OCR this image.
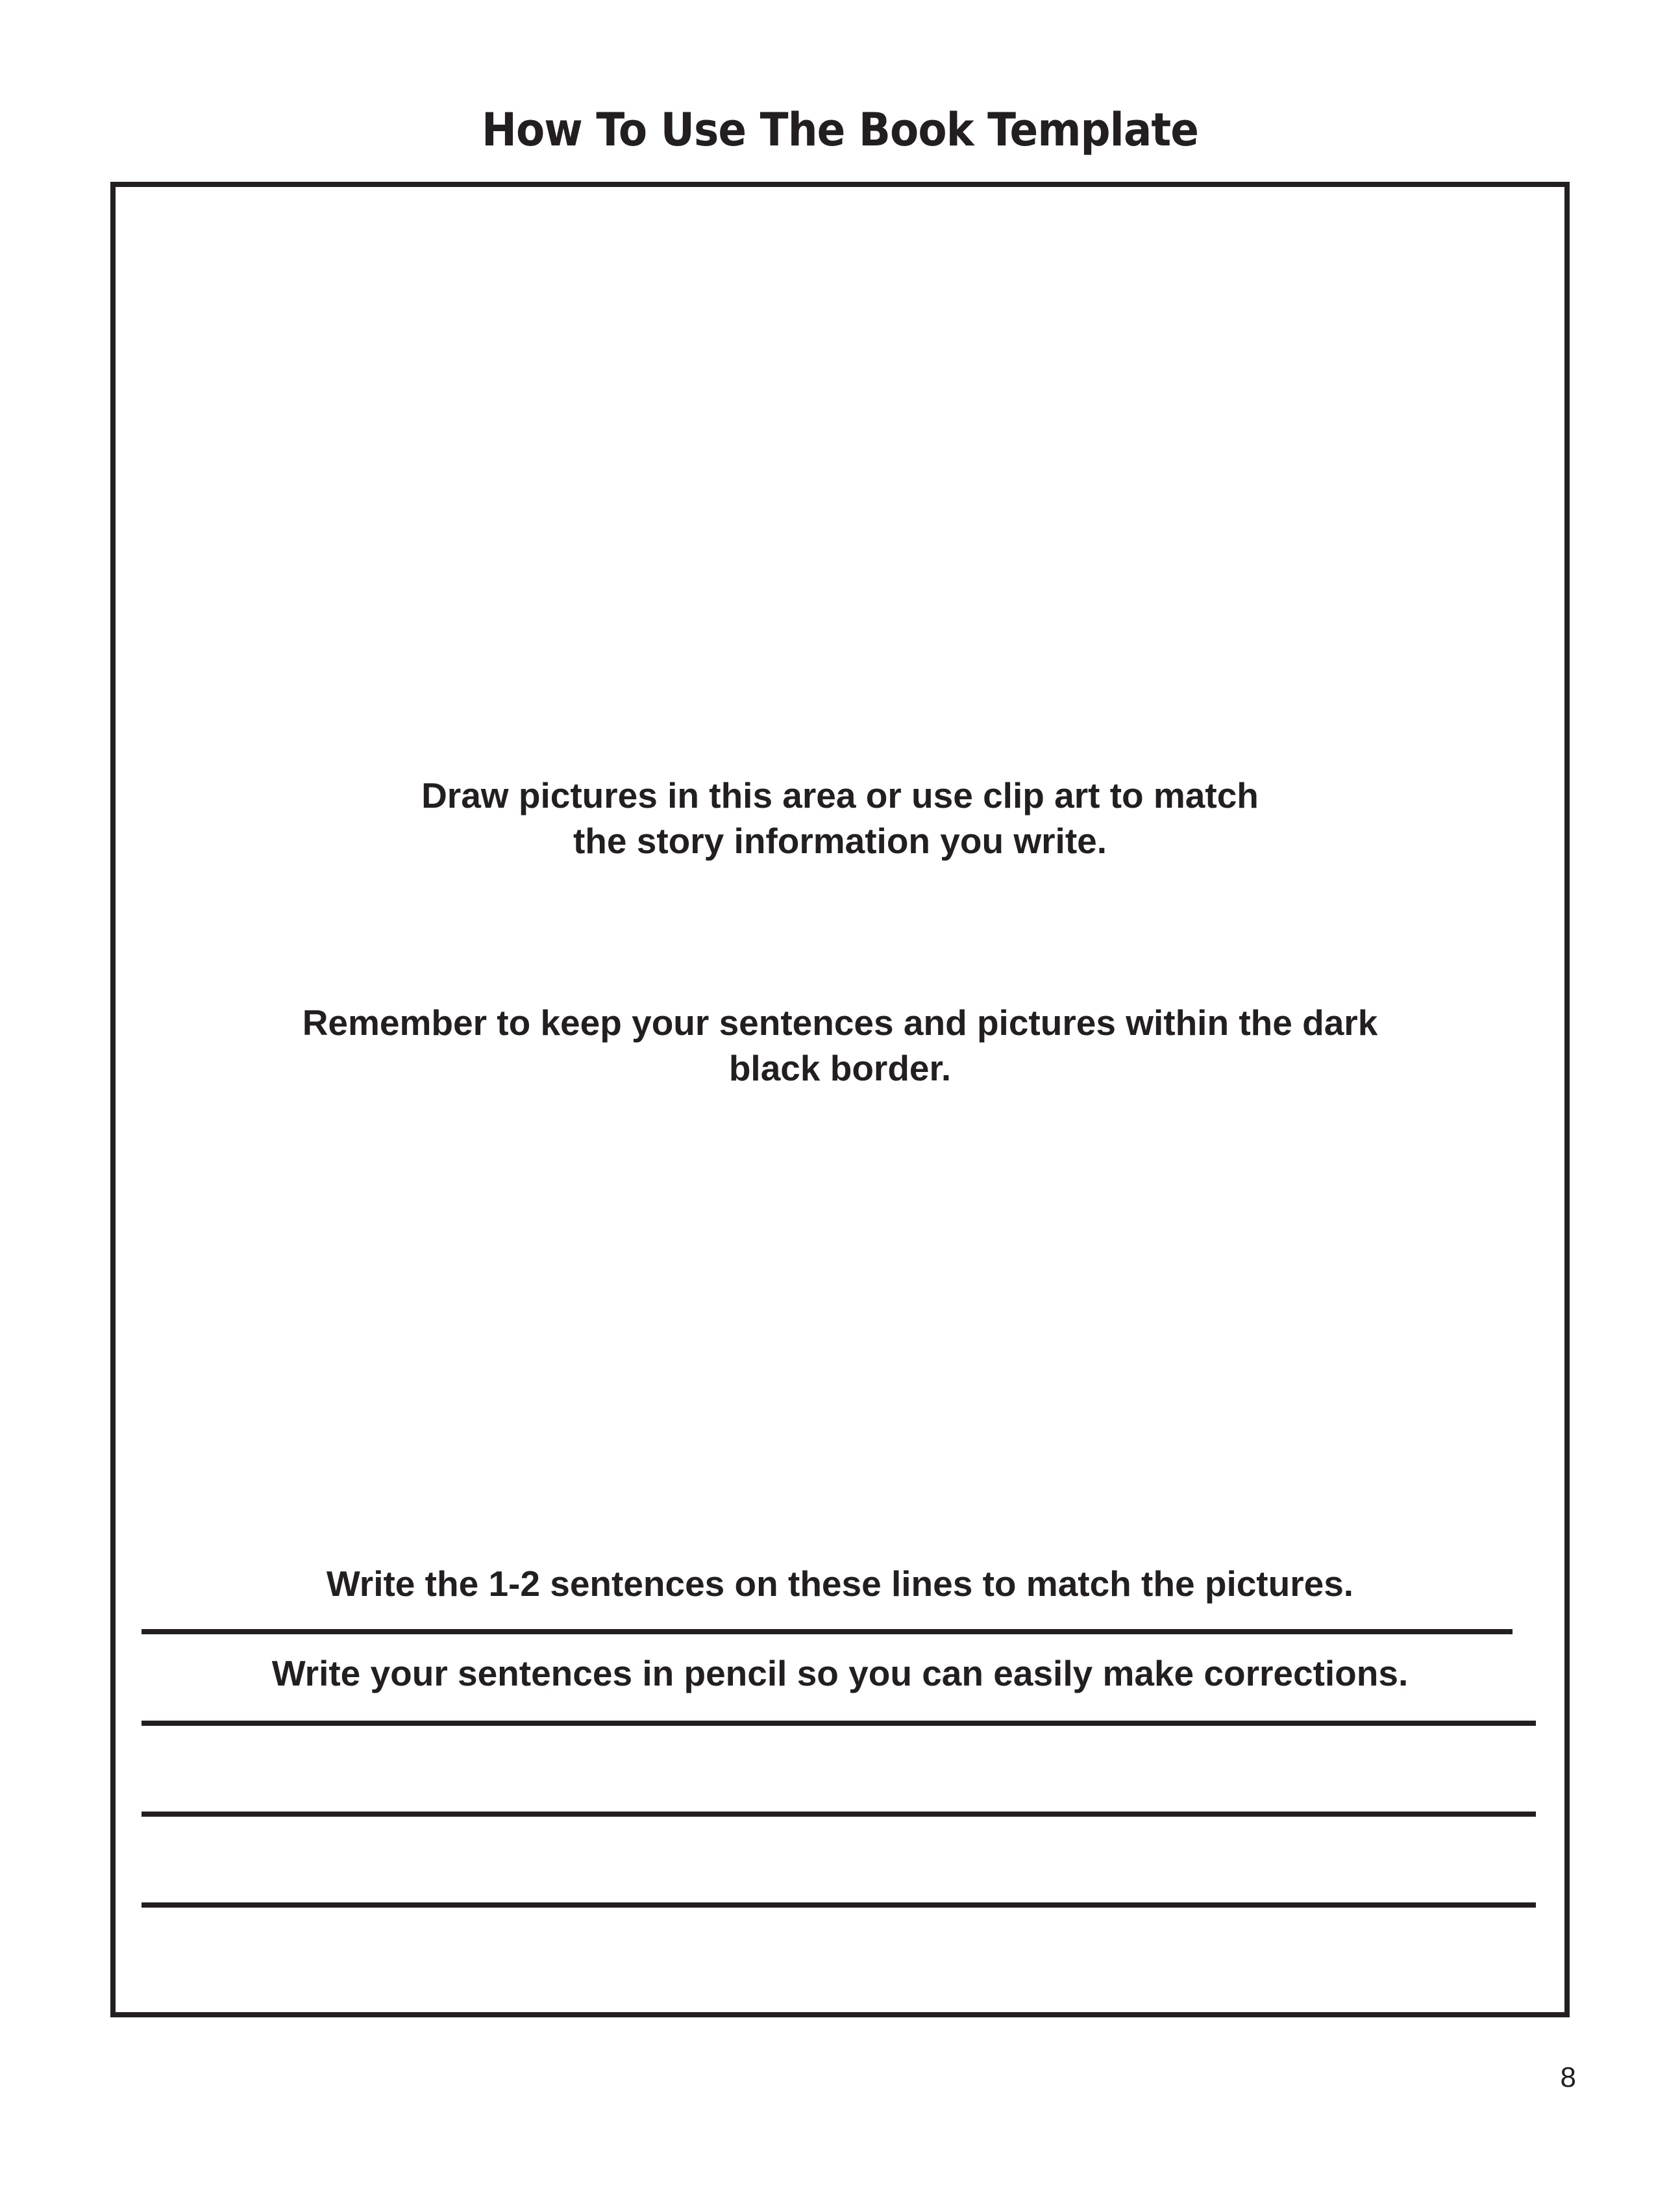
How To Use The Book Template

Draw pictures in this area or use clip art to match
the story information you write.

Remember to keep your sentences and pictures within the dark
black border.

Write the 1-2 sentences on these lines to match the pictures.

Write your sentences in pencil so you can easily make corrections.

8
